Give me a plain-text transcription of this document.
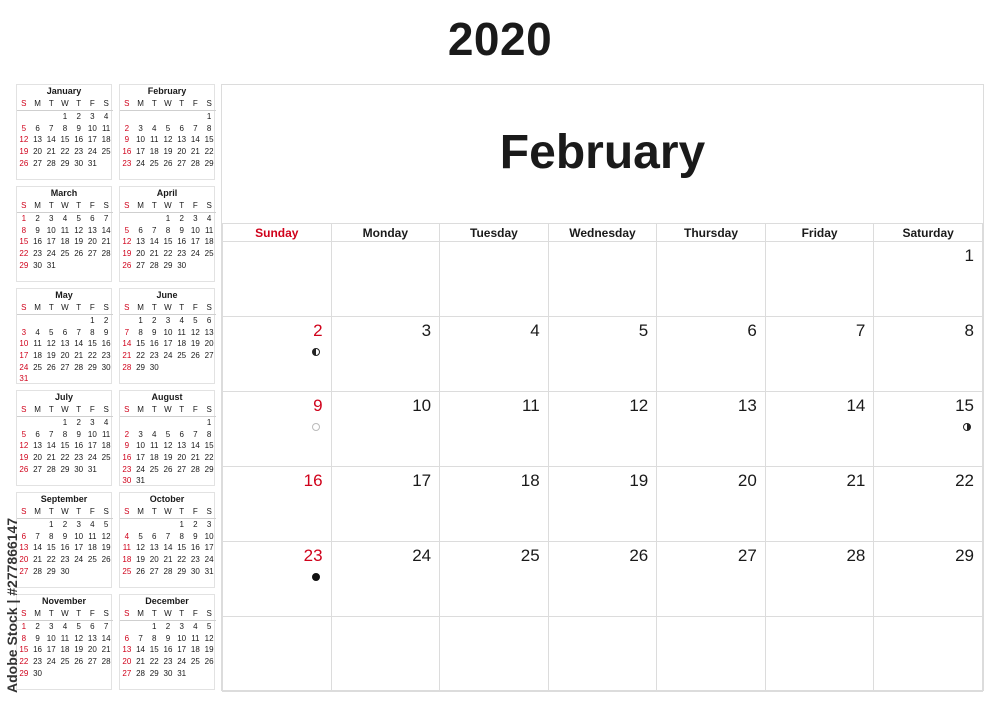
2020
January
S	M	T	W	T	F	S
			1	2	3	4
5	6	7	8	9	10	11
12	13	14	15	16	17	18
19	20	21	22	23	24	25
26	27	28	29	30	31	
February
S	M	T	W	T	F	S
						1
2	3	4	5	6	7	8
9	10	11	12	13	14	15
16	17	18	19	20	21	22
23	24	25	26	27	28	29
March
S	M	T	W	T	F	S
1	2	3	4	5	6	7
8	9	10	11	12	13	14
15	16	17	18	19	20	21
22	23	24	25	26	27	28
29	30	31				
April
S	M	T	W	T	F	S
			1	2	3	4
5	6	7	8	9	10	11
12	13	14	15	16	17	18
19	20	21	22	23	24	25
26	27	28	29	30		
May
S	M	T	W	T	F	S
					1	2
3	4	5	6	7	8	9
10	11	12	13	14	15	16
17	18	19	20	21	22	23
24	25	26	27	28	29	30
31						
June
S	M	T	W	T	F	S
	1	2	3	4	5	6
7	8	9	10	11	12	13
14	15	16	17	18	19	20
21	22	23	24	25	26	27
28	29	30				
July
S	M	T	W	T	F	S
			1	2	3	4
5	6	7	8	9	10	11
12	13	14	15	16	17	18
19	20	21	22	23	24	25
26	27	28	29	30	31	
August
S	M	T	W	T	F	S
						1
2	3	4	5	6	7	8
9	10	11	12	13	14	15
16	17	18	19	20	21	22
23	24	25	26	27	28	29
30	31					
September
S	M	T	W	T	F	S
		1	2	3	4	5
6	7	8	9	10	11	12
13	14	15	16	17	18	19
20	21	22	23	24	25	26
27	28	29	30			
October
S	M	T	W	T	F	S
				1	2	3
4	5	6	7	8	9	10
11	12	13	14	15	16	17
18	19	20	21	22	23	24
25	26	27	28	29	30	31
November
S	M	T	W	T	F	S
1	2	3	4	5	6	7
8	9	10	11	12	13	14
15	16	17	18	19	20	21
22	23	24	25	26	27	28
29	30					
December
S	M	T	W	T	F	S
		1	2	3	4	5
6	7	8	9	10	11	12
13	14	15	16	17	18	19
20	21	22	23	24	25	26
27	28	29	30	31		
February
Sunday	Monday	Tuesday	Wednesday	Thursday	Friday	Saturday

						1

2	3	4	5	6	7	8

9	10	11	12	13	14	15

16	17	18	19	20	21	22

23	24	25	26	27	28	29

Adobe Stock | #277866147
